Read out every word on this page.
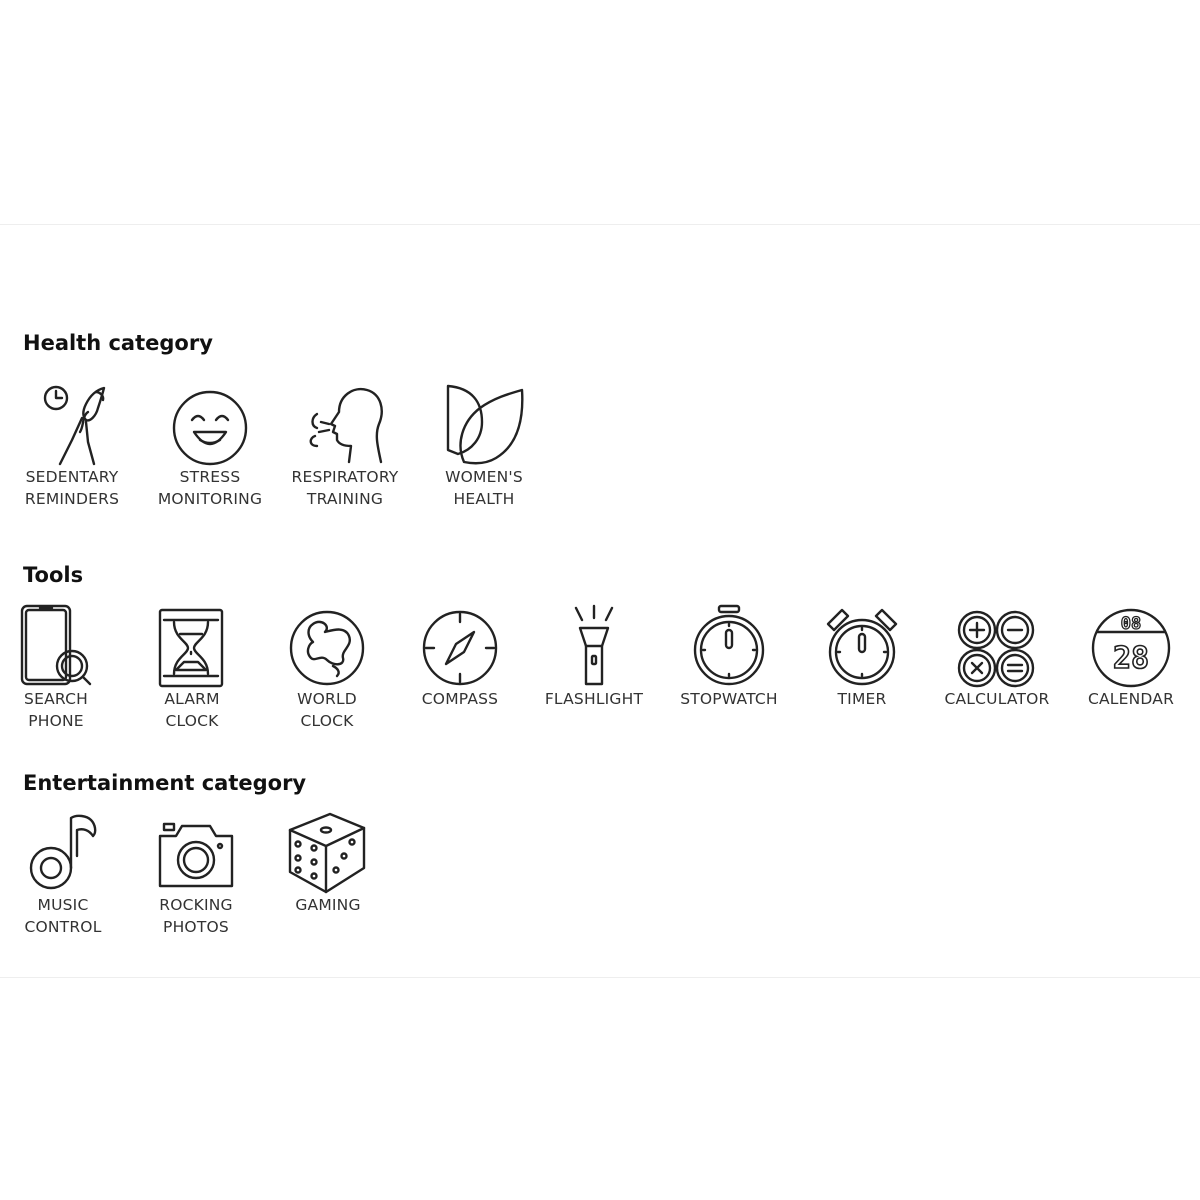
Health category
Tools
Entertainment category
SEDENTARY
REMINDERS
STRESS
MONITORING
RESPIRATORY
TRAINING
WOMEN'S
HEALTH
SEARCH
PHONE
ALARM
CLOCK
WORLD
CLOCK
COMPASS	FLASHLIGHT	STOPWATCH	TIMER	CALCULATOR
08
28
CALENDAR
MUSIC
CONTROL
ROCKING
PHOTOS
GAMING
